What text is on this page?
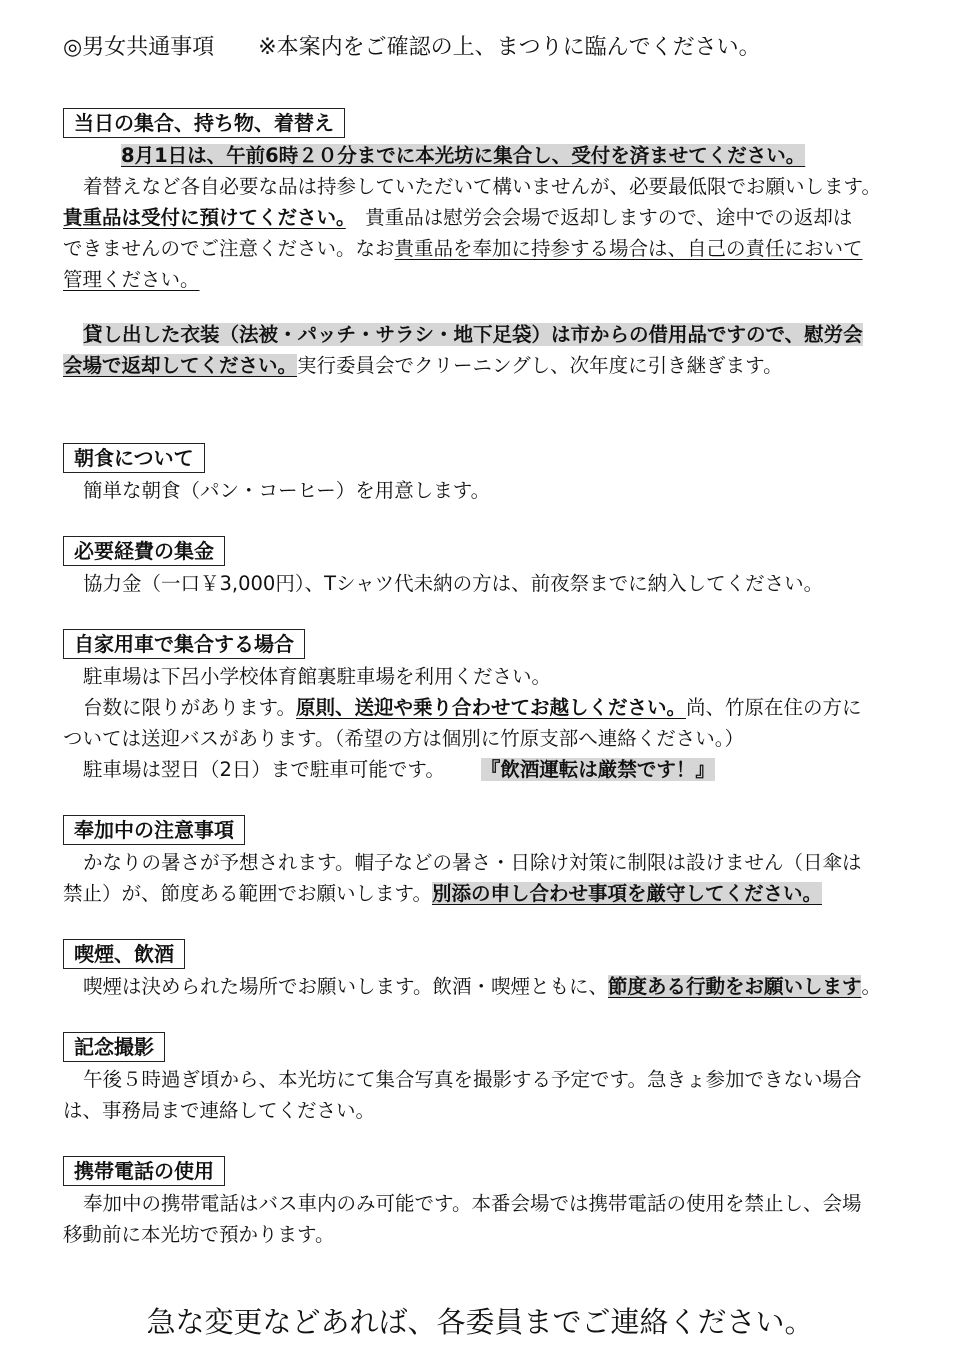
◎男女共通事項 ※本案内をご確認の上、まつりに臨んでください。
当日の集合、持ち物、着替え

8月1日は、午前6時２０分までに本光坊に集合し、受付を済ませてください。

着替えなど各自必要な品は持参していただいて構いませんが、必要最低限でお願いします。

貴重品は受付に預けてください。　貴重品は慰労会会場で返却しますので、途中での返却は

できませんのでご注意ください。なお貴重品を奉加に持参する場合は、自己の責任において

管理ください。

貸し出した衣装（法被・パッチ・サラシ・地下足袋）は市からの借用品ですので、慰労会

会場で返却してください。実行委員会でクリーニングし、次年度に引き継ぎます。

朝食について

簡単な朝食（パン・コーヒー）を用意します。

必要経費の集金

協力金（一口￥3,000円）、Tシャツ代未納の方は、前夜祭までに納入してください。

自家用車で集合する場合

駐車場は下呂小学校体育館裏駐車場を利用ください。

台数に限りがあります。原則、送迎や乗り合わせてお越しください。尚、竹原在住の方に

ついては送迎バスがあります。（希望の方は個別に竹原支部へ連絡ください。）

駐車場は翌日（2日）まで駐車可能です。 『飲酒運転は厳禁です！』

奉加中の注意事項

かなりの暑さが予想されます。帽子などの暑さ・日除け対策に制限は設けません（日傘は

禁止）が、節度ある範囲でお願いします。別添の申し合わせ事項を厳守してください。

喫煙、飲酒

喫煙は決められた場所でお願いします。飲酒・喫煙ともに、節度ある行動をお願いします。

記念撮影

午後５時過ぎ頃から、本光坊にて集合写真を撮影する予定です。急きょ参加できない場合

は、事務局まで連絡してください。

携帯電話の使用

奉加中の携帯電話はバス車内のみ可能です。本番会場では携帯電話の使用を禁止し、会場

移動前に本光坊で預かります。

急な変更などあれば、各委員までご連絡ください。
